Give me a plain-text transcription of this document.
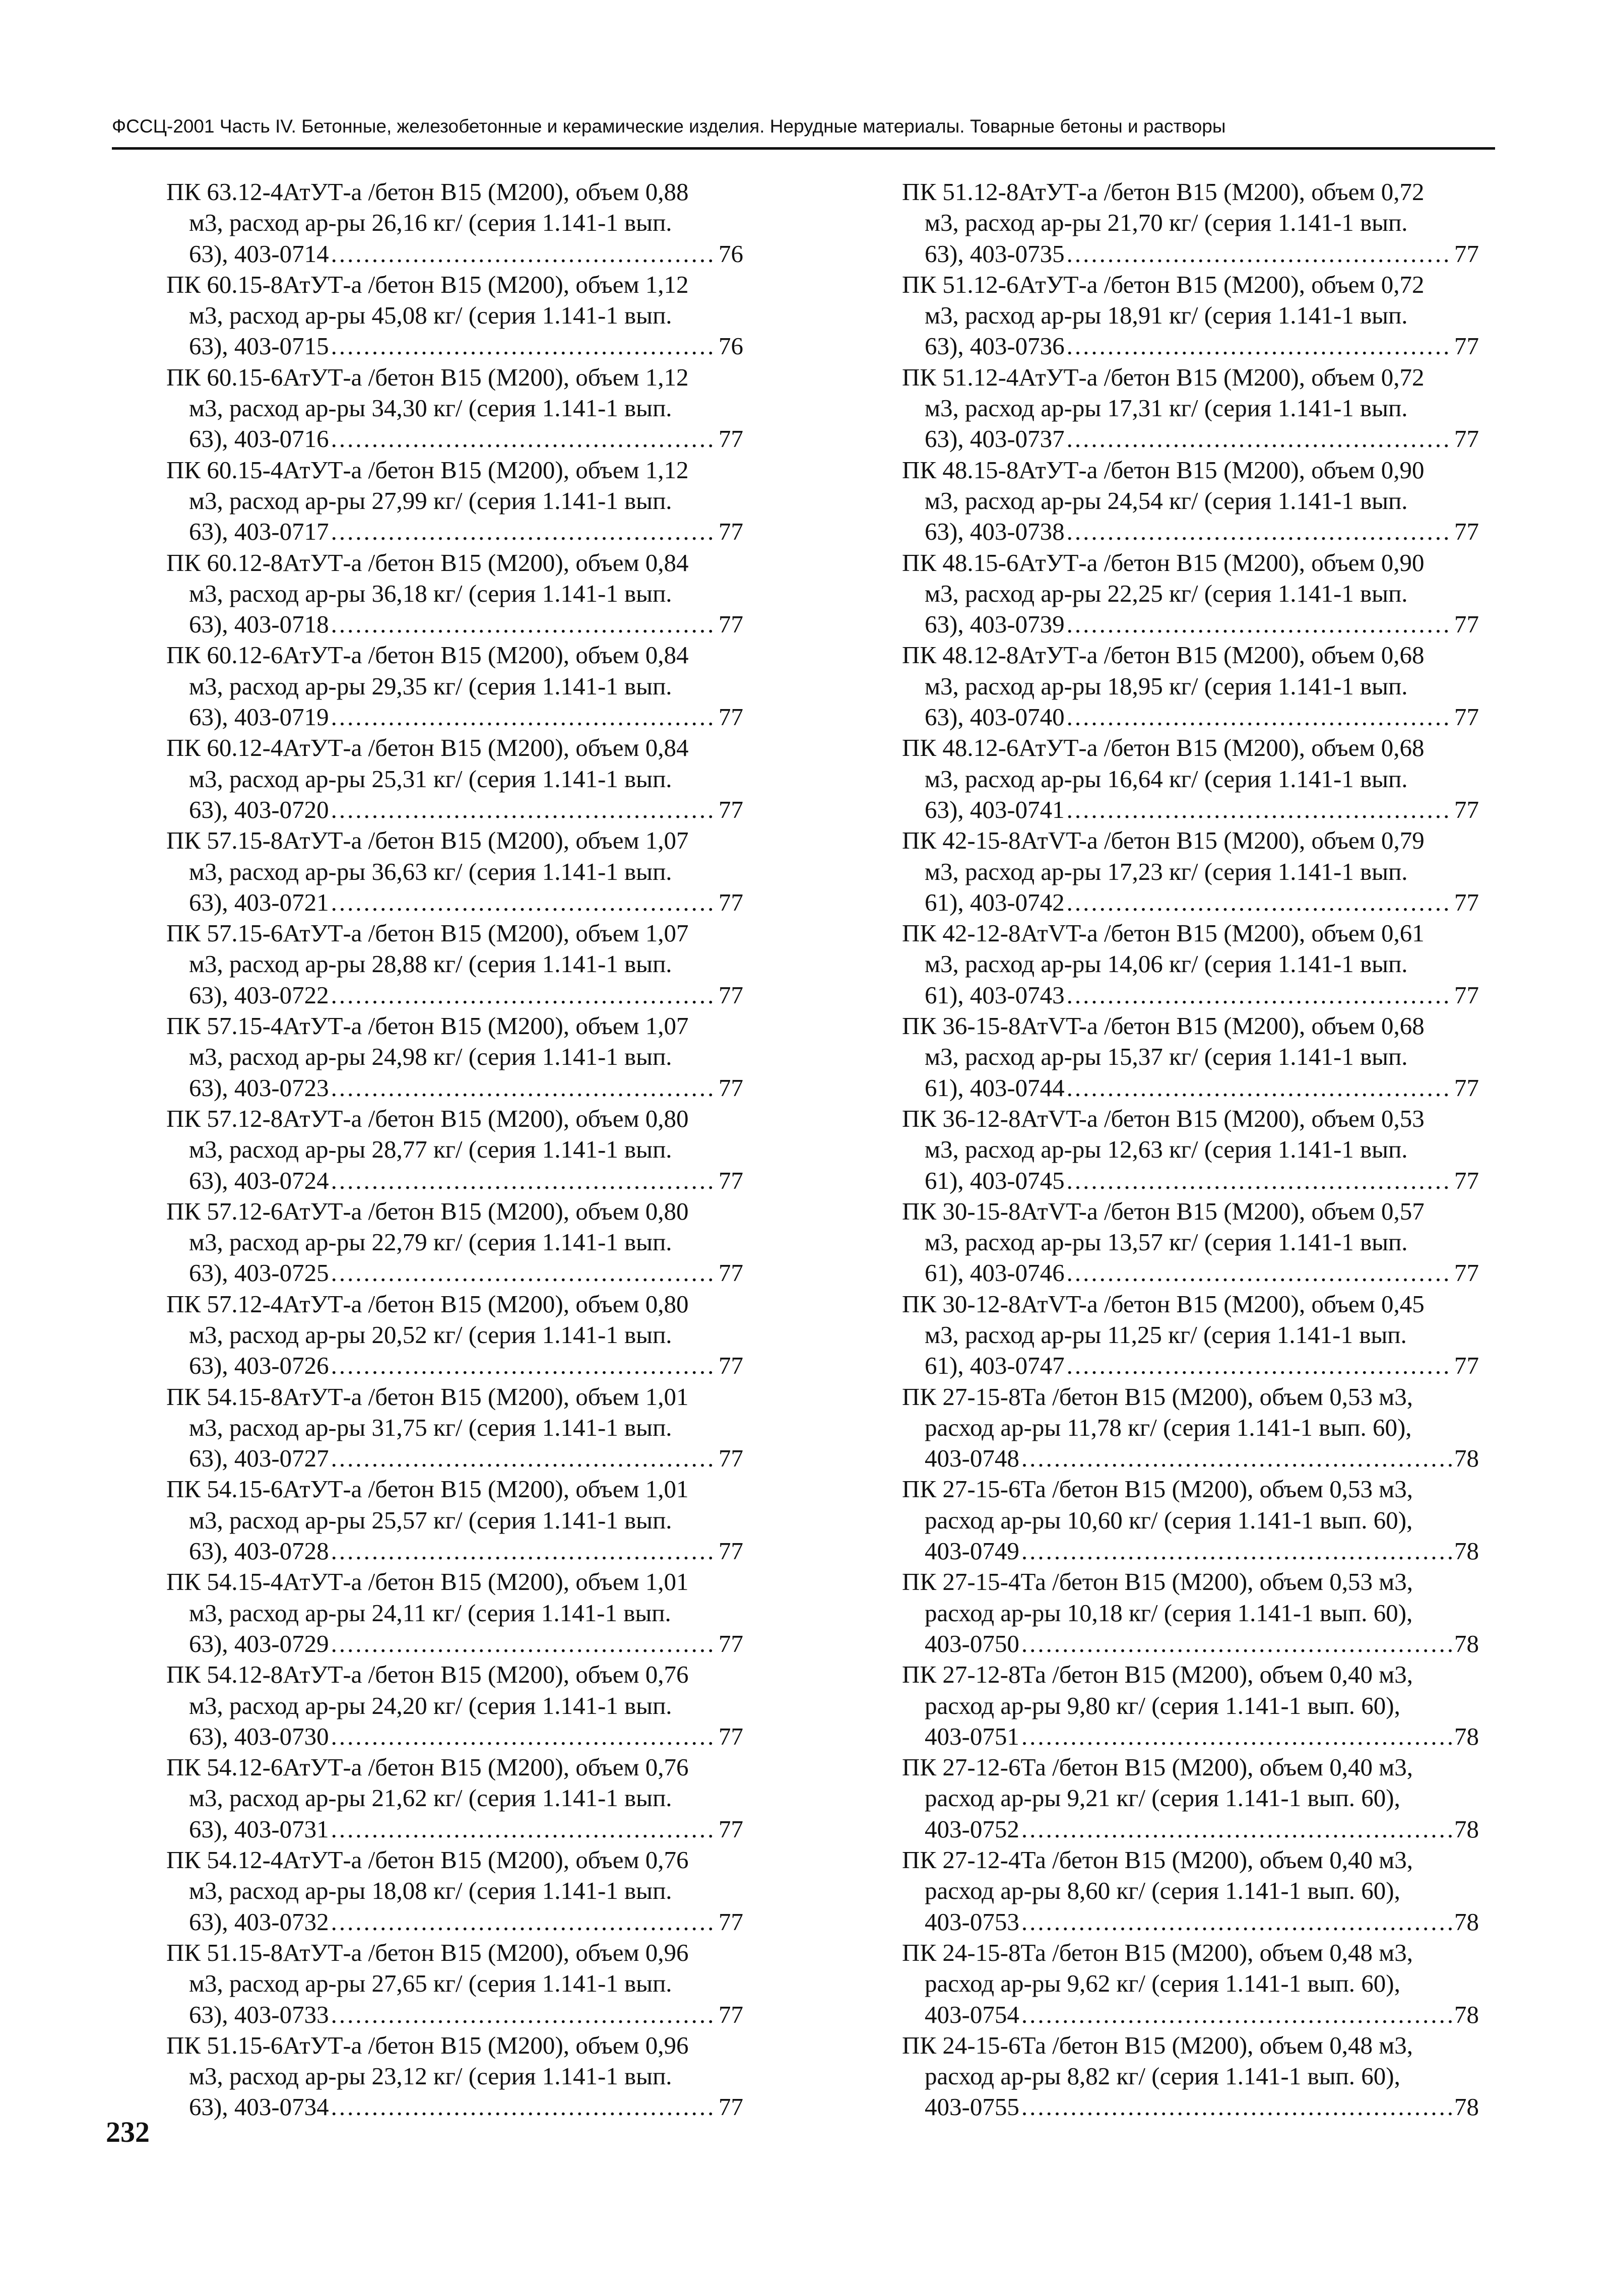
ФССЦ-2001 Часть IV. Бетонные, железобетонные и керамические изделия. Нерудные материалы. Товарные бетоны и растворы
ПК 63.12-4АтУТ-а /бетон В15 (М200), объем 0,88
м3, расход ар-ры 26,16 кг/ (серия 1.141-1 вып.
63), 403-0714 .....	76
ПК 60.15-8АтУТ-а /бетон В15 (М200), объем 1,12
м3, расход ар-ры 45,08 кг/ (серия 1.141-1 вып.
63), 403-0715 .....	76
ПК 60.15-6АтУТ-а /бетон В15 (М200), объем 1,12
м3, расход ар-ры 34,30 кг/ (серия 1.141-1 вып.
63), 403-0716 .....	77
ПК 60.15-4АтУТ-а /бетон В15 (М200), объем 1,12
м3, расход ар-ры 27,99 кг/ (серия 1.141-1 вып.
63), 403-0717 .....	77
ПК 60.12-8АтУТ-а /бетон В15 (М200), объем 0,84
м3, расход ар-ры 36,18 кг/ (серия 1.141-1 вып.
63), 403-0718 .....	77
ПК 60.12-6АтУТ-а /бетон В15 (М200), объем 0,84
м3, расход ар-ры 29,35 кг/ (серия 1.141-1 вып.
63), 403-0719 .....	77
ПК 60.12-4АтУТ-а /бетон В15 (М200), объем 0,84
м3, расход ар-ры 25,31 кг/ (серия 1.141-1 вып.
63), 403-0720 .....	77
ПК 57.15-8АтУТ-а /бетон В15 (М200), объем 1,07
м3, расход ар-ры 36,63 кг/ (серия 1.141-1 вып.
63), 403-0721 .....	77
ПК 57.15-6АтУТ-а /бетон В15 (М200), объем 1,07
м3, расход ар-ры 28,88 кг/ (серия 1.141-1 вып.
63), 403-0722 .....	77
ПК 57.15-4АтУТ-а /бетон В15 (М200), объем 1,07
м3, расход ар-ры 24,98 кг/ (серия 1.141-1 вып.
63), 403-0723 .....	77
ПК 57.12-8АтУТ-а /бетон В15 (М200), объем 0,80
м3, расход ар-ры 28,77 кг/ (серия 1.141-1 вып.
63), 403-0724 .....	77
ПК 57.12-6АтУТ-а /бетон В15 (М200), объем 0,80
м3, расход ар-ры 22,79 кг/ (серия 1.141-1 вып.
63), 403-0725 .....	77
ПК 57.12-4АтУТ-а /бетон В15 (М200), объем 0,80
м3, расход ар-ры 20,52 кг/ (серия 1.141-1 вып.
63), 403-0726 .....	77
ПК 54.15-8АтУТ-а /бетон В15 (М200), объем 1,01
м3, расход ар-ры 31,75 кг/ (серия 1.141-1 вып.
63), 403-0727 .....	77
ПК 54.15-6АтУТ-а /бетон В15 (М200), объем 1,01
м3, расход ар-ры 25,57 кг/ (серия 1.141-1 вып.
63), 403-0728 .....	77
ПК 54.15-4АтУТ-а /бетон В15 (М200), объем 1,01
м3, расход ар-ры 24,11 кг/ (серия 1.141-1 вып.
63), 403-0729 .....	77
ПК 54.12-8АтУТ-а /бетон В15 (М200), объем 0,76
м3, расход ар-ры 24,20 кг/ (серия 1.141-1 вып.
63), 403-0730 .....	77
ПК 54.12-6АтУТ-а /бетон В15 (М200), объем 0,76
м3, расход ар-ры 21,62 кг/ (серия 1.141-1 вып.
63), 403-0731 .....	77
ПК 54.12-4АтУТ-а /бетон В15 (М200), объем 0,76
м3, расход ар-ры 18,08 кг/ (серия 1.141-1 вып.
63), 403-0732 .....	77
ПК 51.15-8АтУТ-а /бетон В15 (М200), объем 0,96
м3, расход ар-ры 27,65 кг/ (серия 1.141-1 вып.
63), 403-0733 .....	77
ПК 51.15-6АтУТ-а /бетон В15 (М200), объем 0,96
м3, расход ар-ры 23,12 кг/ (серия 1.141-1 вып.
63), 403-0734 .....	77
ПК 51.12-8АтУТ-а /бетон В15 (М200), объем 0,72
м3, расход ар-ры 21,70 кг/ (серия 1.141-1 вып.
63), 403-0735 .....	77
ПК 51.12-6АтУТ-а /бетон В15 (М200), объем 0,72
м3, расход ар-ры 18,91 кг/ (серия 1.141-1 вып.
63), 403-0736 .....	77
ПК 51.12-4АтУТ-а /бетон В15 (М200), объем 0,72
м3, расход ар-ры 17,31 кг/ (серия 1.141-1 вып.
63), 403-0737 .....	77
ПК 48.15-8АтУТ-а /бетон В15 (М200), объем 0,90
м3, расход ар-ры 24,54 кг/ (серия 1.141-1 вып.
63), 403-0738 .....	77
ПК 48.15-6АтУТ-а /бетон В15 (М200), объем 0,90
м3, расход ар-ры 22,25 кг/ (серия 1.141-1 вып.
63), 403-0739 .....	77
ПК 48.12-8АтУТ-а /бетон В15 (М200), объем 0,68
м3, расход ар-ры 18,95 кг/ (серия 1.141-1 вып.
63), 403-0740 .....	77
ПК 48.12-6АтУТ-а /бетон В15 (М200), объем 0,68
м3, расход ар-ры 16,64 кг/ (серия 1.141-1 вып.
63), 403-0741 .....	77
ПК 42-15-8АтVT-а /бетон В15 (М200), объем 0,79
м3, расход ар-ры 17,23 кг/ (серия 1.141-1 вып.
61), 403-0742 .....	77
ПК 42-12-8АтVT-а /бетон В15 (М200), объем 0,61
м3, расход ар-ры 14,06 кг/ (серия 1.141-1 вып.
61), 403-0743 .....	77
ПК 36-15-8АтVT-а /бетон В15 (М200), объем 0,68
м3, расход ар-ры 15,37 кг/ (серия 1.141-1 вып.
61), 403-0744 .....	77
ПК 36-12-8АтVT-а /бетон В15 (М200), объем 0,53
м3, расход ар-ры 12,63 кг/ (серия 1.141-1 вып.
61), 403-0745 .....	77
ПК 30-15-8АтVT-а /бетон В15 (М200), объем 0,57
м3, расход ар-ры 13,57 кг/ (серия 1.141-1 вып.
61), 403-0746 .....	77
ПК 30-12-8АтVT-а /бетон В15 (М200), объем 0,45
м3, расход ар-ры 11,25 кг/ (серия 1.141-1 вып.
61), 403-0747 .....	77
ПК 27-15-8Та /бетон В15 (М200), объем 0,53 м3,
расход ар-ры 11,78 кг/ (серия 1.141-1 вып. 60),
403-0748 .....	78
ПК 27-15-6Та /бетон В15 (М200), объем 0,53 м3,
расход ар-ры 10,60 кг/ (серия 1.141-1 вып. 60),
403-0749 .....	78
ПК 27-15-4Та /бетон В15 (М200), объем 0,53 м3,
расход ар-ры 10,18 кг/ (серия 1.141-1 вып. 60),
403-0750 .....	78
ПК 27-12-8Та /бетон В15 (М200), объем 0,40 м3,
расход ар-ры 9,80 кг/ (серия 1.141-1 вып. 60),
403-0751 .....	78
ПК 27-12-6Та /бетон В15 (М200), объем 0,40 м3,
расход ар-ры 9,21 кг/ (серия 1.141-1 вып. 60),
403-0752 .....	78
ПК 27-12-4Та /бетон В15 (М200), объем 0,40 м3,
расход ар-ры 8,60 кг/ (серия 1.141-1 вып. 60),
403-0753 .....	78
ПК 24-15-8Та /бетон В15 (М200), объем 0,48 м3,
расход ар-ры 9,62 кг/ (серия 1.141-1 вып. 60),
403-0754 .....	78
ПК 24-15-6Та /бетон В15 (М200), объем 0,48 м3,
расход ар-ры 8,82 кг/ (серия 1.141-1 вып. 60),
403-0755 .....	78
232
